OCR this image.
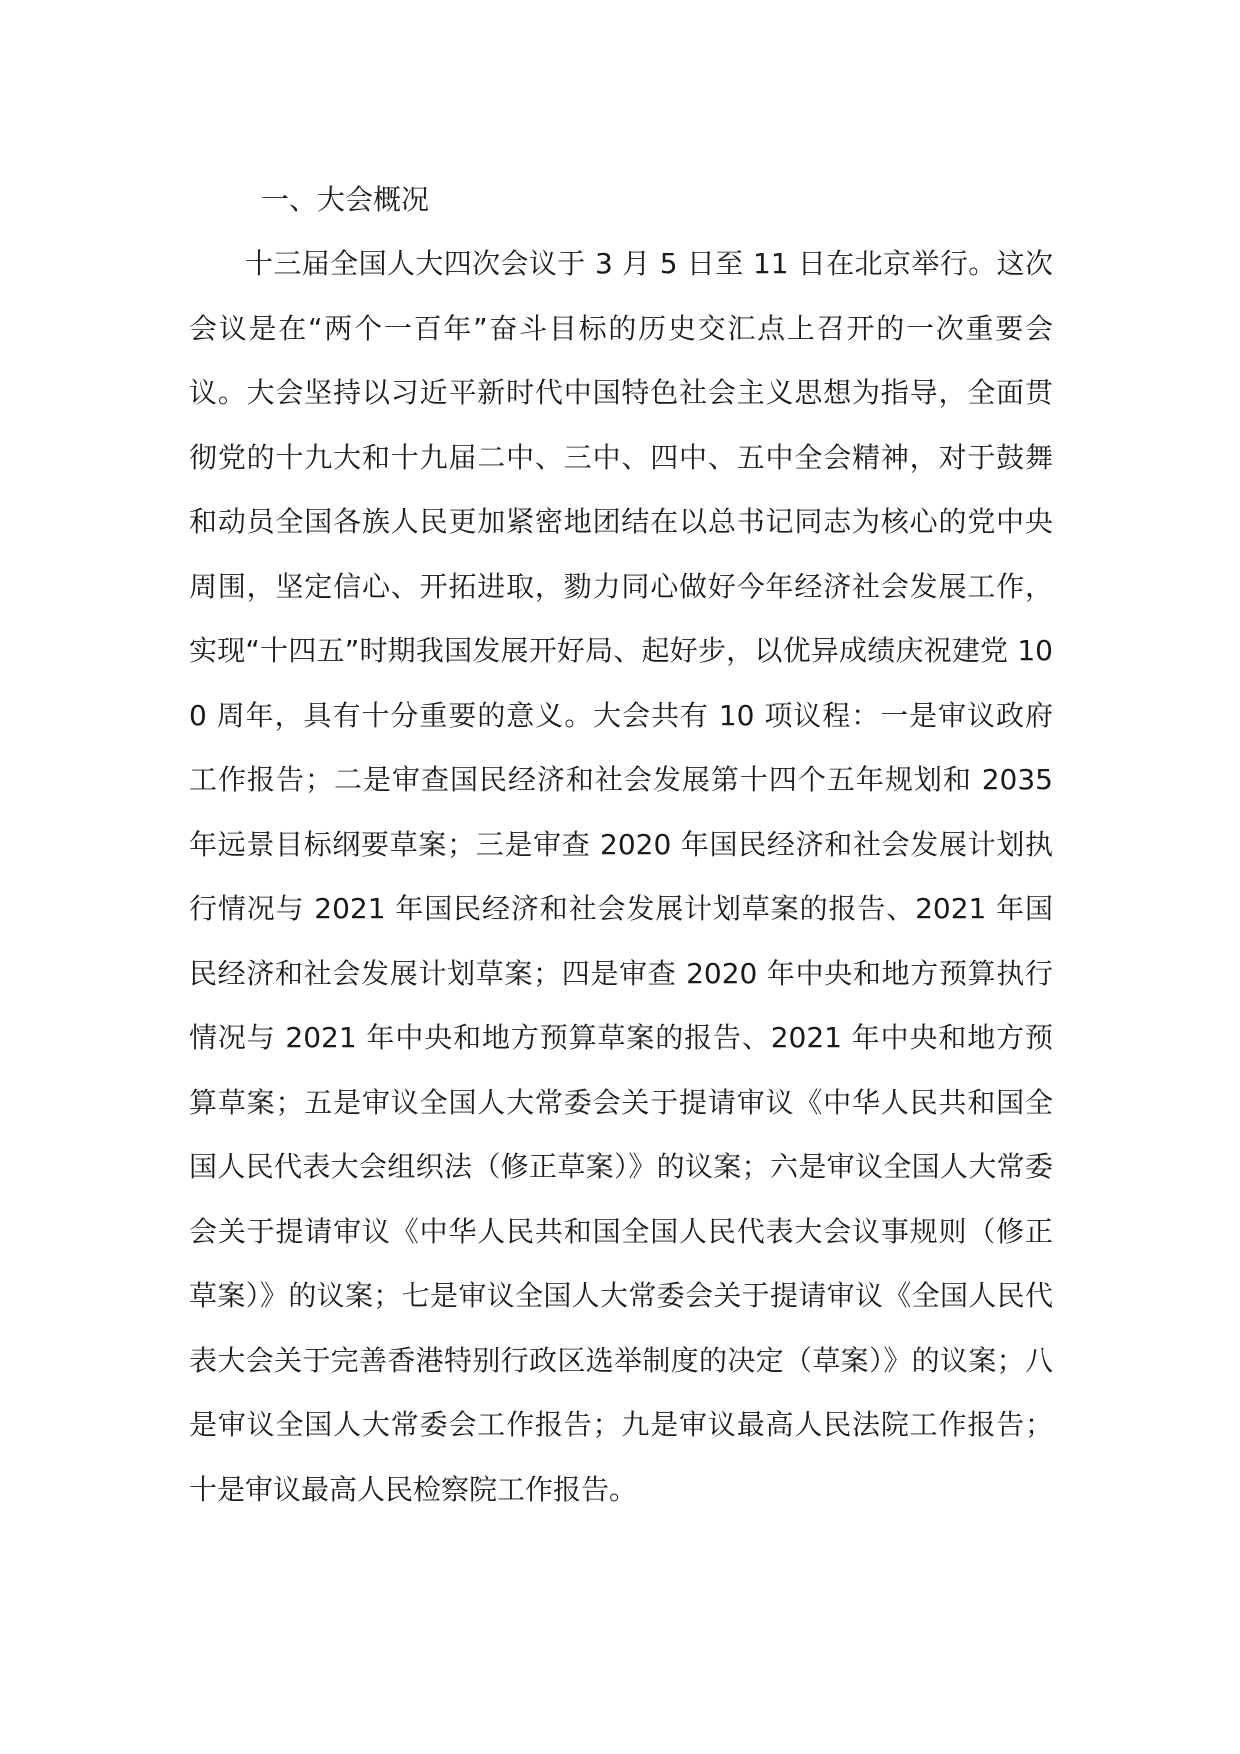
一、大会概况

十三届全国人大四次会议于 3 月 5 日至 11 日在北京举行。这次会议是在“两个一百年”奋斗目标的历史交汇点上召开的一次重要会议。大会坚持以习近平新时代中国特色社会主义思想为指导，全面贯彻党的十九大和十九届二中、三中、四中、五中全会精神，对于鼓舞和动员全国各族人民更加紧密地团结在以总书记同志为核心的党中央周围，坚定信心、开拓进取，勠力同心做好今年经济社会发展工作，实现“十四五”时期我国发展开好局、起好步，以优异成绩庆祝建党 100 周年，具有十分重要的意义。大会共有 10 项议程：一是审议政府工作报告；二是审查国民经济和社会发展第十四个五年规划和 2035 年远景目标纲要草案；三是审查 2020 年国民经济和社会发展计划执行情况与 2021 年国民经济和社会发展计划草案的报告、2021 年国民经济和社会发展计划草案；四是审查 2020 年中央和地方预算执行情况与 2021 年中央和地方预算草案的报告、2021 年中央和地方预算草案；五是审议全国人大常委会关于提请审议《中华人民共和国全国人民代表大会组织法（修正草案）》的议案；六是审议全国人大常委会关于提请审议《中华人民共和国全国人民代表大会议事规则（修正草案）》的议案；七是审议全国人大常委会关于提请审议《全国人民代表大会关于完善香港特别行政区选举制度的决定（草案）》的议案；八是审议全国人大常委会工作报告；九是审议最高人民法院工作报告；十是审议最高人民检察院工作报告。
